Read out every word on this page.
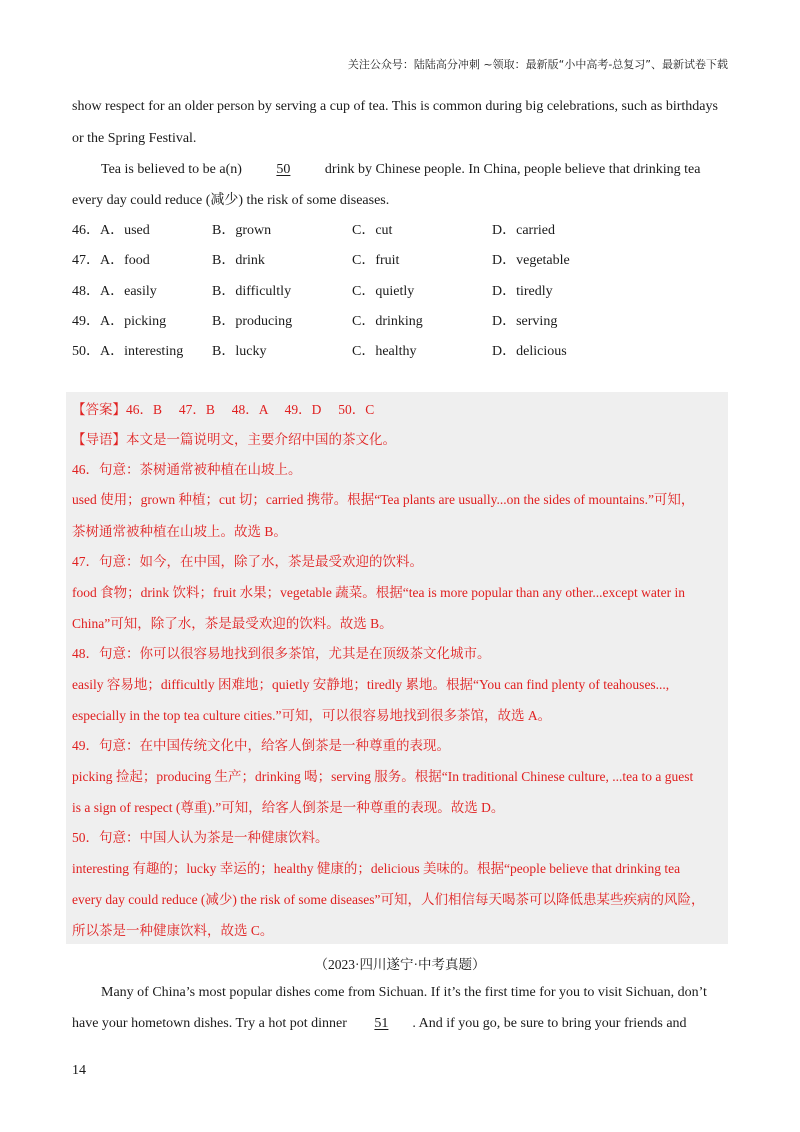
关注公众号：陆陆高分冲刺 ~领取：最新版“小中高考-总复习”、最新试卷下载
show respect for an older person by serving a cup of tea. This is common during big celebrations, such as birthdays
or the Spring Festival.
Tea is believed to be a(n) 50 drink by Chinese people. In China, people believe that drinking tea
every day could reduce (减少) the risk of some diseases.
46．A．used	B．grown	C．cut	D．carried
47．A．food	B．drink	C．fruit	D．vegetable
48．A．easily	B．difficultly	C．quietly	D．tiredly
49．A．picking	B．producing	C．drinking	D．serving
50．A．interesting B．lucky	C．healthy	D．delicious
【答案】46．B　 47．B　 48．A　 49．D　 50．C
【导语】本文是一篇说明文，主要介绍中国的茶文化。
46．句意：茶树通常被种植在山坡上。
used 使用；grown 种植；cut 切；carried 携带。根据“Tea plants are usually...on the sides of mountains.”可知，
茶树通常被种植在山坡上。故选 B。
47．句意：如今，在中国，除了水，茶是最受欢迎的饮料。
food 食物；drink 饮料；fruit 水果；vegetable 蔬菜。根据“tea is more popular than any other...except water in
China”可知，除了水，茶是最受欢迎的饮料。故选 B。
48．句意：你可以很容易地找到很多茶馆，尤其是在顶级茶文化城市。
easily 容易地；difficultly 困难地；quietly 安静地；tiredly 累地。根据“You can find plenty of teahouses...,
especially in the top tea culture cities.”可知，可以很容易地找到很多茶馆，故选 A。
49．句意：在中国传统文化中，给客人倒茶是一种尊重的表现。
picking 捡起；producing 生产；drinking 喝；serving 服务。根据“In traditional Chinese culture, ...tea to a guest
is a sign of respect (尊重).”可知，给客人倒茶是一种尊重的表现。故选 D。
50．句意：中国人认为茶是一种健康饮料。
interesting 有趣的；lucky 幸运的；healthy 健康的；delicious 美味的。根据“people believe that drinking tea
every day could reduce (减少) the risk of some diseases”可知，人们相信每天喝茶可以降低患某些疾病的风险，
所以茶是一种健康饮料，故选 C。
（2023·四川遂宁·中考真题）
Many of China’s most popular dishes come from Sichuan. If it’s the first time for you to visit Sichuan, don’t
have your hometown dishes. Try a hot pot dinner 51 . And if you go, be sure to bring your friends and
14
